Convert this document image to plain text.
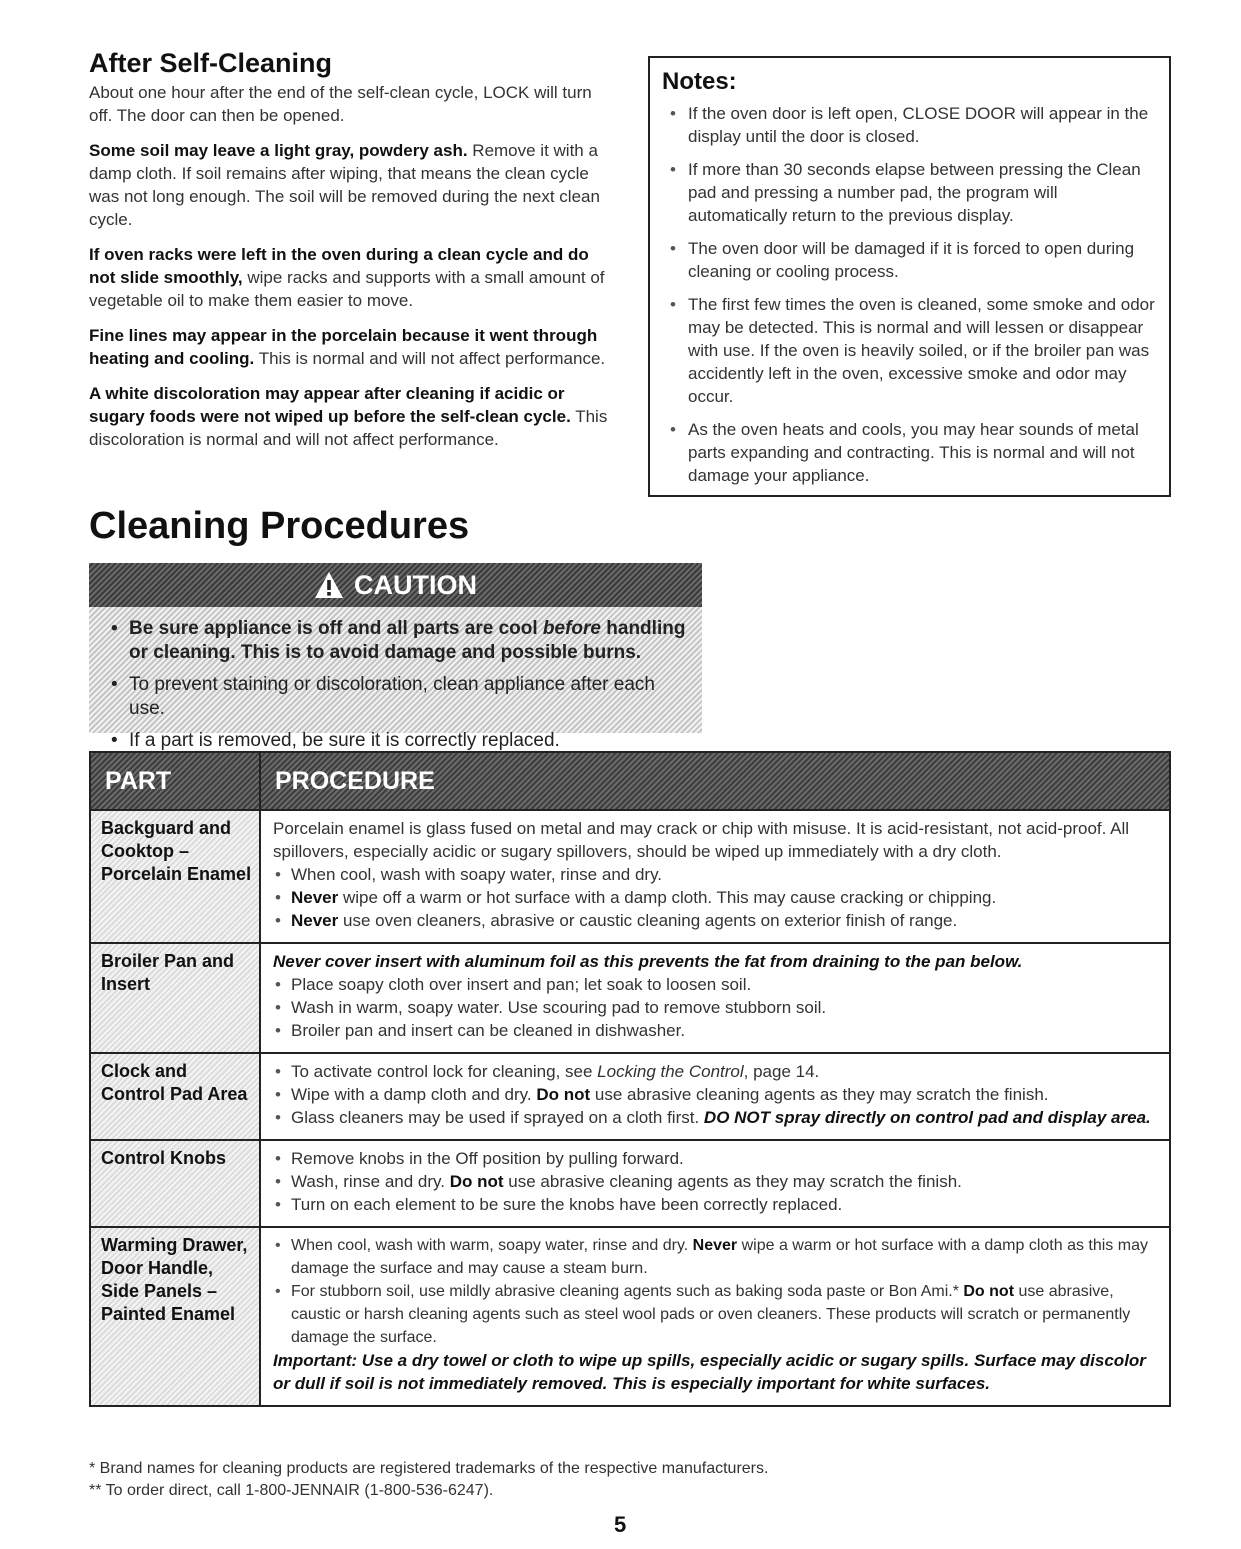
After Self-Cleaning

About one hour after the end of the self-clean cycle, LOCK will turn off. The door can then be opened.

Some soil may leave a light gray, powdery ash. Remove it with a damp cloth. If soil remains after wiping, that means the clean cycle was not long enough. The soil will be removed during the next clean cycle.

If oven racks were left in the oven during a clean cycle and do not slide smoothly, wipe racks and supports with a small amount of vegetable oil to make them easier to move.

Fine lines may appear in the porcelain because it went through heating and cooling. This is normal and will not affect performance.

A white discoloration may appear after cleaning if acidic or sugary foods were not wiped up before the self-clean cycle. This discoloration is normal and will not affect performance.

Notes:
• If the oven door is left open, CLOSE DOOR will appear in the display until the door is closed.
• If more than 30 seconds elapse between pressing the Clean pad and pressing a number pad, the program will automatically return to the previous display.
• The oven door will be damaged if it is forced to open during cleaning or cooling process.
• The first few times the oven is cleaned, some smoke and odor may be detected. This is normal and will lessen or disappear with use. If the oven is heavily soiled, or if the broiler pan was accidently left in the oven, excessive smoke and odor may occur.
• As the oven heats and cools, you may hear sounds of metal parts expanding and contracting. This is normal and will not damage your appliance.
Cleaning Procedures
CAUTION
• Be sure appliance is off and all parts are cool before handling or cleaning. This is to avoid damage and possible burns.
• To prevent staining or discoloration, clean appliance after each use.
• If a part is removed, be sure it is correctly replaced.
PART	PROCEDURE
Backguard and Cooktop – Porcelain Enamel
Porcelain enamel is glass fused on metal and may crack or chip with misuse. It is acid-resistant, not acid-proof. All spillovers, especially acidic or sugary spillovers, should be wiped up immediately with a dry cloth.
• When cool, wash with soapy water, rinse and dry.
• Never wipe off a warm or hot surface with a damp cloth. This may cause cracking or chipping.
• Never use oven cleaners, abrasive or caustic cleaning agents on exterior finish of range.
Broiler Pan and Insert
Never cover insert with aluminum foil as this prevents the fat from draining to the pan below.
• Place soapy cloth over insert and pan; let soak to loosen soil.
• Wash in warm, soapy water. Use scouring pad to remove stubborn soil.
• Broiler pan and insert can be cleaned in dishwasher.
Clock and Control Pad Area
• To activate control lock for cleaning, see Locking the Control, page 14.
• Wipe with a damp cloth and dry. Do not use abrasive cleaning agents as they may scratch the finish.
• Glass cleaners may be used if sprayed on a cloth first. DO NOT spray directly on control pad and display area.
Control Knobs
•	Remove knobs in the Off position by pulling forward.
• Wash, rinse and dry. Do not use abrasive cleaning agents as they may scratch the finish.
• Turn on each element to be sure the knobs have been correctly replaced.
Warming Drawer, Door Handle, Side Panels – Painted Enamel
• When cool, wash with warm, soapy water, rinse and dry. Never wipe a warm or hot surface with a damp cloth as this may damage the surface and may cause a steam burn.
• For stubborn soil, use mildly abrasive cleaning agents such as baking soda paste or Bon Ami.* Do not use abrasive, caustic or harsh cleaning agents such as steel wool pads or oven cleaners. These products will scratch or permanently damage the surface.
Important: Use a dry towel or cloth to wipe up spills, especially acidic or sugary spills. Surface may discolor or dull if soil is not immediately removed. This is especially important for white surfaces.
* Brand names for cleaning products are registered trademarks of the respective manufacturers.
** To order direct, call 1-800-JENNAIR (1-800-536-6247).
5
